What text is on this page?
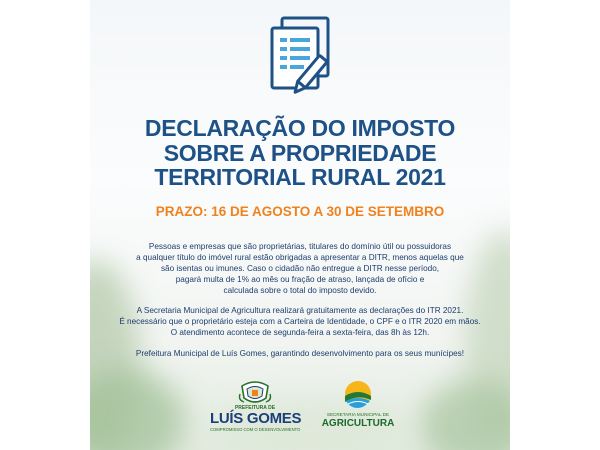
DECLARAÇÃO DO IMPOSTO
SOBRE A PROPRIEDADE
TERRITORIAL RURAL 2021
PRAZO: 16 DE AGOSTO A 30 DE SETEMBRO
Pessoas e empresas que são proprietárias, titulares do domínio útil ou possuidoras
a qualquer título do imóvel rural estão obrigadas a apresentar a DITR, menos aquelas que
são isentas ou imunes. Caso o cidadão não entregue a DITR nesse período,
pagará multa de 1% ao mês ou fração de atraso, lançada de ofício e
calculada sobre o total do imposto devido.
A Secretaria Municipal de Agricultura realizará gratuitamente as declarações do ITR 2021.
É necessário que o proprietário esteja com a Carteira de Identidade, o CPF e o ITR 2020 em mãos.
O atendimento acontece de segunda-feira a sexta-feira, das 8h às 12h.
Prefeitura Municipal de Luís Gomes, garantindo desenvolvimento para os seus munícipes!
PREFEITURA DE
LUÍS GOMES
COMPROMISSO COM O DESENVOLVIMENTO
SECRETARIA MUNICIPAL DE
AGRICULTURA
